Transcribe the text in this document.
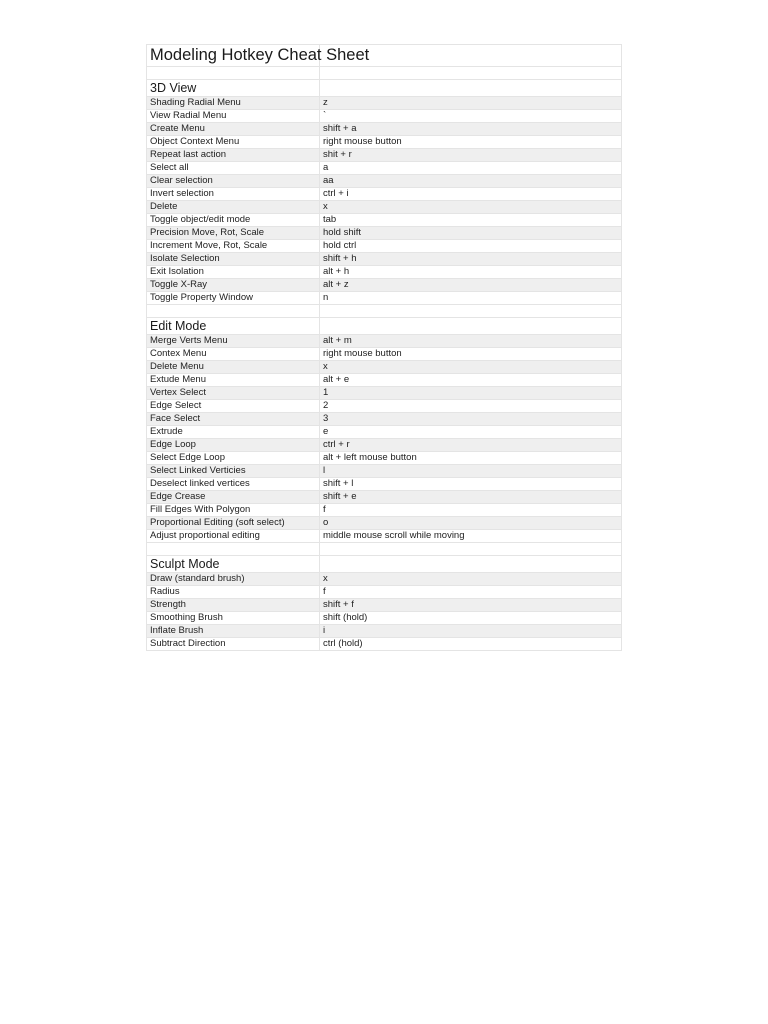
Modeling Hotkey Cheat Sheet	

3D View	
Shading Radial Menu	z
View Radial Menu	`
Create Menu	shift + a
Object Context Menu	right mouse button
Repeat last action	shit + r
Select all	a
Clear selection	aa
Invert selection	ctrl + i
Delete	x
Toggle object/edit mode	tab
Precision Move, Rot, Scale	hold shift
Increment Move, Rot, Scale	hold ctrl
Isolate Selection	shift + h
Exit Isolation	alt + h
Toggle X-Ray	alt + z
Toggle Property Window	n

Edit Mode	
Merge Verts Menu	alt + m
Contex Menu	right mouse button
Delete Menu	x
Extude Menu	alt + e
Vertex Select	1
Edge Select	2
Face Select	3
Extrude	e
Edge Loop	ctrl + r
Select Edge Loop	alt + left mouse button
Select Linked Verticies	l
Deselect linked vertices	shift + l
Edge Crease	shift + e
Fill Edges With Polygon	f
Proportional Editing (soft select)	o
Adjust proportional editing	middle mouse scroll while moving

Sculpt Mode	
Draw (standard brush)	x
Radius	f
Strength	shift + f
Smoothing Brush	shift (hold)
Inflate Brush	i
Subtract Direction	ctrl (hold)
